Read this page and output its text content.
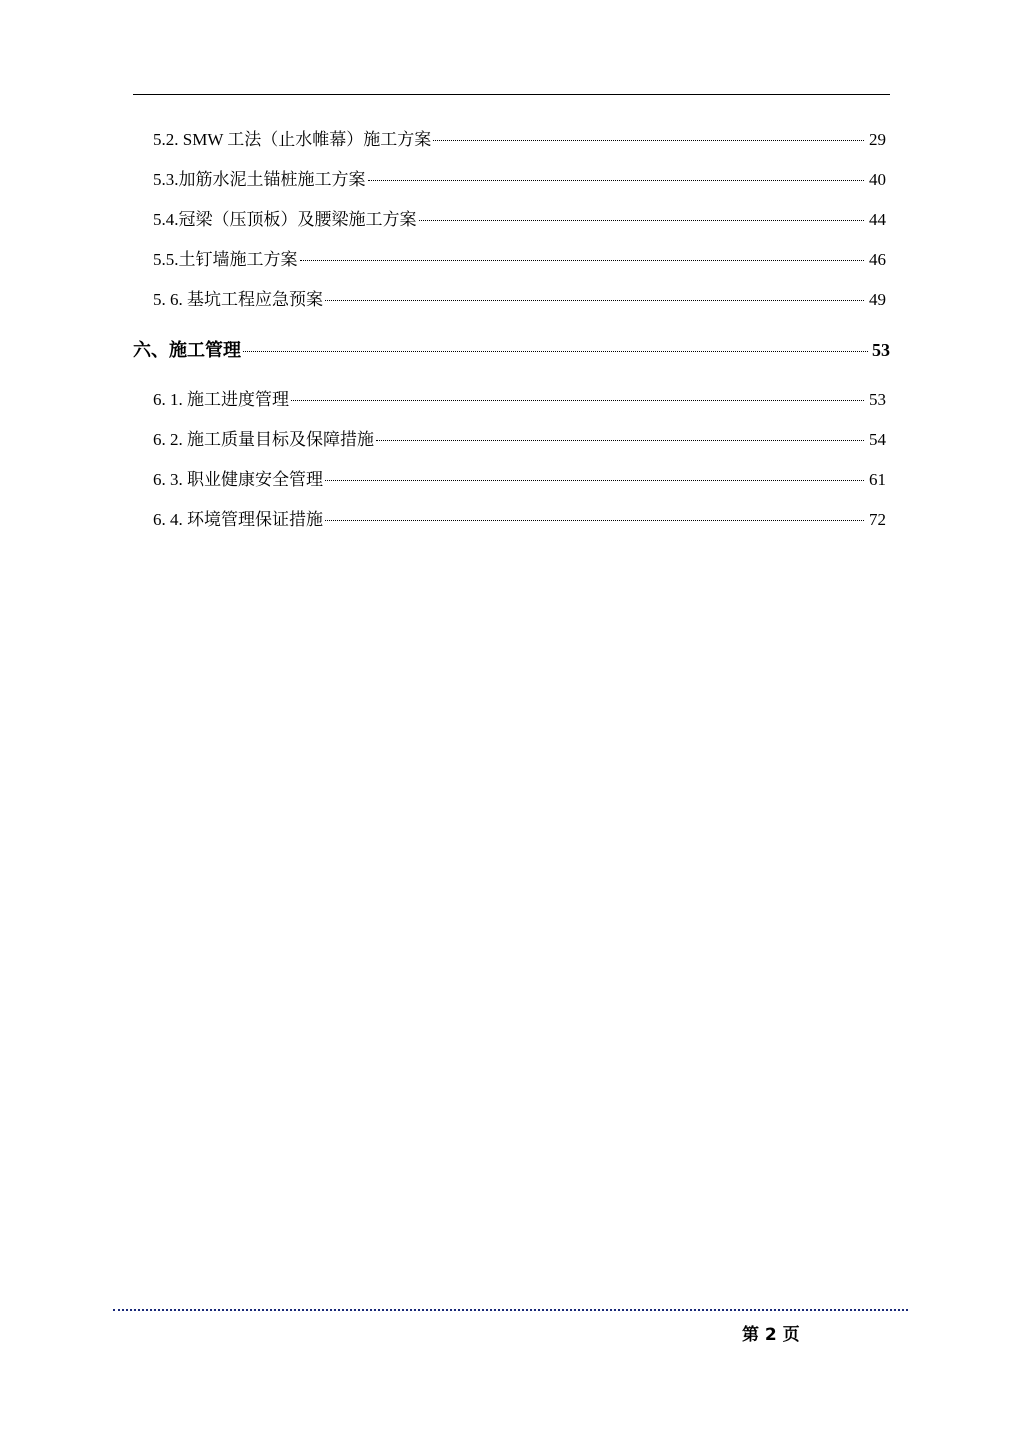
5.2. SMW 工法（止水帷幕）施工方案	29
5.3.加筋水泥土锚桩施工方案	40
5.4.冠梁（压顶板）及腰梁施工方案	44
5.5.土钉墙施工方案	46
5. 6. 基坑工程应急预案	49
六、施工管理	53
6. 1. 施工进度管理	53
6. 2. 施工质量目标及保障措施	54
6. 3. 职业健康安全管理	61
6. 4. 环境管理保证措施	72
第 2 页
